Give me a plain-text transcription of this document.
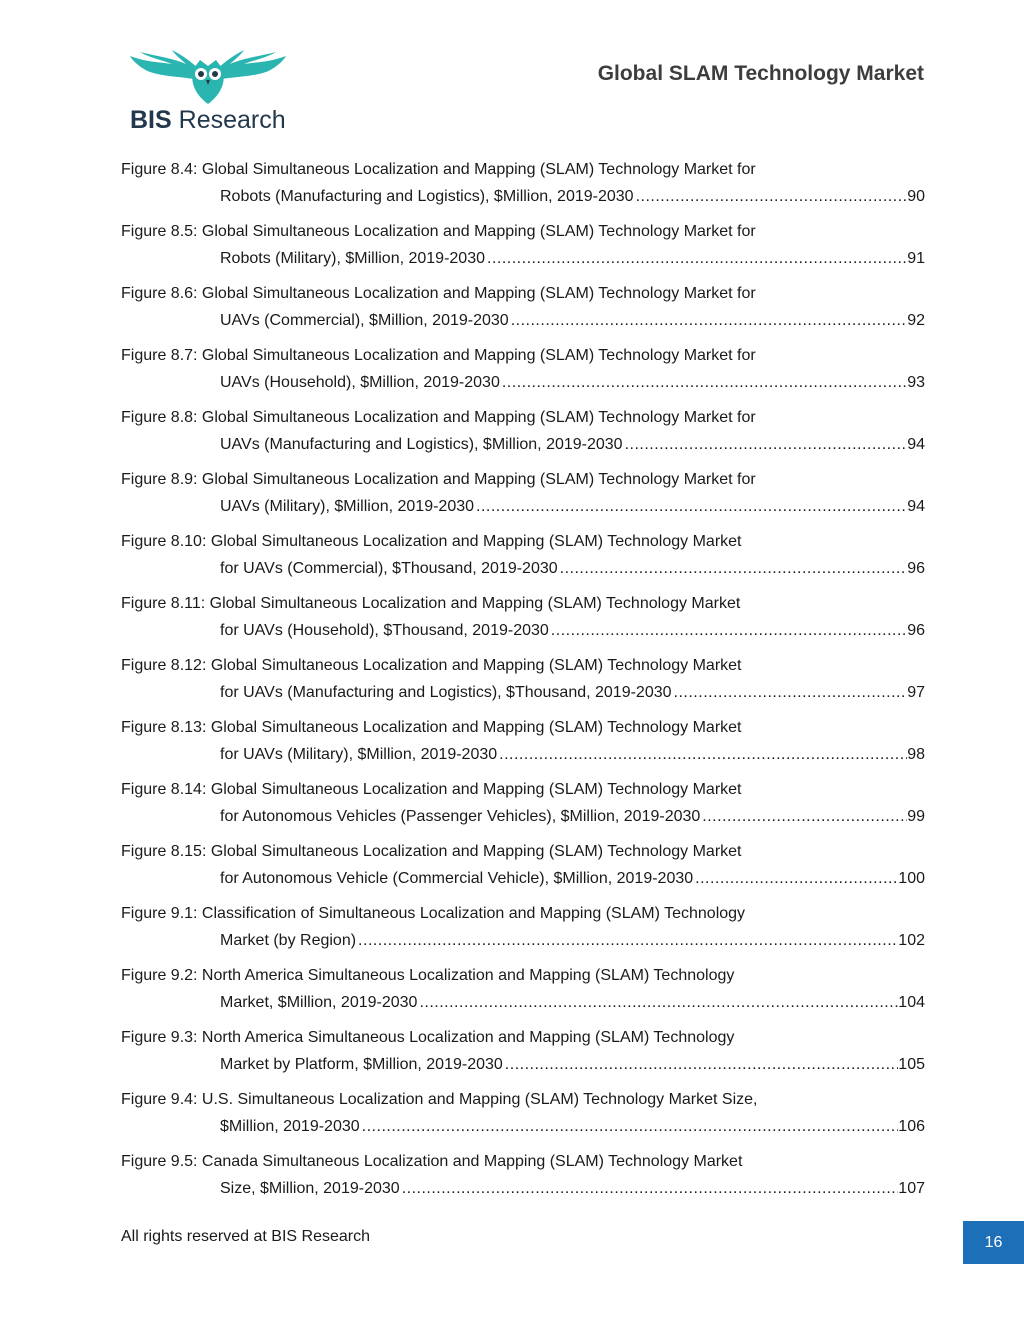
BIS Research
Global SLAM Technology Market
Figure 8.4: Global Simultaneous Localization and Mapping (SLAM) Technology Market for
Robots (Manufacturing and Logistics), $Million, 2019-2030 .....	90
Figure 8.5: Global Simultaneous Localization and Mapping (SLAM) Technology Market for
Robots (Military), $Million, 2019-2030 .....	91
Figure 8.6: Global Simultaneous Localization and Mapping (SLAM) Technology Market for
UAVs (Commercial), $Million, 2019-2030 .....	92
Figure 8.7: Global Simultaneous Localization and Mapping (SLAM) Technology Market for
UAVs (Household), $Million, 2019-2030 .....	93
Figure 8.8: Global Simultaneous Localization and Mapping (SLAM) Technology Market for
UAVs (Manufacturing and Logistics), $Million, 2019-2030 .....	94
Figure 8.9: Global Simultaneous Localization and Mapping (SLAM) Technology Market for
UAVs (Military), $Million, 2019-2030 .....	94
Figure 8.10: Global Simultaneous Localization and Mapping (SLAM) Technology Market
for UAVs (Commercial), $Thousand, 2019-2030 .....	96
Figure 8.11: Global Simultaneous Localization and Mapping (SLAM) Technology Market
for UAVs (Household), $Thousand, 2019-2030 .....	96
Figure 8.12: Global Simultaneous Localization and Mapping (SLAM) Technology Market
for UAVs (Manufacturing and Logistics), $Thousand, 2019-2030 .....	97
Figure 8.13: Global Simultaneous Localization and Mapping (SLAM) Technology Market
for UAVs (Military), $Million, 2019-2030 .....	98
Figure 8.14: Global Simultaneous Localization and Mapping (SLAM) Technology Market
for Autonomous Vehicles (Passenger Vehicles), $Million, 2019-2030 .....	99
Figure 8.15: Global Simultaneous Localization and Mapping (SLAM) Technology Market
for Autonomous Vehicle (Commercial Vehicle), $Million, 2019-2030 .....	100
Figure 9.1: Classification of Simultaneous Localization and Mapping (SLAM) Technology
Market (by Region) .....	102
Figure 9.2: North America Simultaneous Localization and Mapping (SLAM) Technology
Market, $Million, 2019-2030 .....	104
Figure 9.3: North America Simultaneous Localization and Mapping (SLAM) Technology
Market by Platform, $Million, 2019-2030 .....	105
Figure 9.4: U.S. Simultaneous Localization and Mapping (SLAM) Technology Market Size,
$Million, 2019-2030 .....	106
Figure 9.5: Canada Simultaneous Localization and Mapping (SLAM) Technology Market
Size, $Million, 2019-2030 .....	107
All rights reserved at BIS Research	16
